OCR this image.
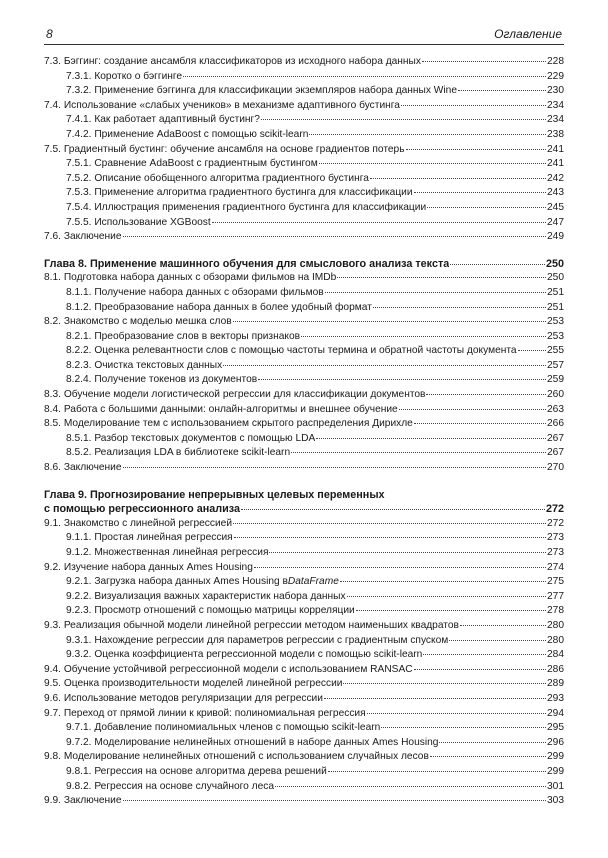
8	Оглавление
7.3. Бэггинг: создание ансамбля классификаторов из исходного набора данных	228
7.3.1. Коротко о бэггинге	229
7.3.2. Применение бэггинга для классификации экземпляров набора данных Wine	230
7.4. Использование «слабых учеников» в механизме адаптивного бустинга	234
7.4.1. Как работает адаптивный бустинг?	234
7.4.2. Применение AdaBoost с помощью scikit-learn	238
7.5. Градиентный бустинг: обучение ансамбля на основе градиентов потерь	241
7.5.1. Сравнение AdaBoost с градиентным бустингом	241
7.5.2. Описание обобщенного алгоритма градиентного бустинга	242
7.5.3. Применение алгоритма градиентного бустинга для классификации	243
7.5.4. Иллюстрация применения градиентного бустинга для классификации	245
7.5.5. Использование XGBoost	247
7.6. Заключение	249
Глава 8. Применение машинного обучения для смыслового анализа текста	250
8.1. Подготовка набора данных с обзорами фильмов на IMDb	250
8.1.1. Получение набора данных с обзорами фильмов	251
8.1.2. Преобразование набора данных в более удобный формат	251
8.2. Знакомство с моделью мешка слов	253
8.2.1. Преобразование слов в векторы признаков	253
8.2.2. Оценка релевантности слов с помощью частоты термина и обратной частоты документа	255
8.2.3. Очистка текстовых данных	257
8.2.4. Получение токенов из документов	259
8.3. Обучение модели логистической регрессии для классификации документов	260
8.4. Работа с большими данными: онлайн-алгоритмы и внешнее обучение	263
8.5. Моделирование тем с использованием скрытого распределения Дирихле	266
8.5.1. Разбор текстовых документов с помощью LDA	267
8.5.2. Реализация LDA в библиотеке scikit-learn	267
8.6. Заключение	270
Глава 9. Прогнозирование непрерывных целевых переменных
с помощью регрессионного анализа	272
9.1. Знакомство с линейной регрессией	272
9.1.1. Простая линейная регрессия	273
9.1.2. Множественная линейная регрессия	273
9.2. Изучение набора данных Ames Housing	274
9.2.1. Загрузка набора данных Ames Housing в DataFrame	275
9.2.2. Визуализация важных характеристик набора данных	277
9.2.3. Просмотр отношений с помощью матрицы корреляции	278
9.3. Реализация обычной модели линейной регрессии методом наименьших квадратов	280
9.3.1. Нахождение регрессии для параметров регрессии с градиентным спуском	280
9.3.2. Оценка коэффициента регрессионной модели с помощью scikit-learn	284
9.4. Обучение устойчивой регрессионной модели с использованием RANSAC	286
9.5. Оценка производительности моделей линейной регрессии	289
9.6. Использование методов регуляризации для регрессии	293
9.7. Переход от прямой линии к кривой: полиномиальная регрессия	294
9.7.1. Добавление полиномиальных членов с помощью scikit-learn	295
9.7.2. Моделирование нелинейных отношений в наборе данных Ames Housing	296
9.8. Моделирование нелинейных отношений с использованием случайных лесов	299
9.8.1. Регрессия на основе алгоритма дерева решений	299
9.8.2. Регрессия на основе случайного леса	301
9.9. Заключение	303
